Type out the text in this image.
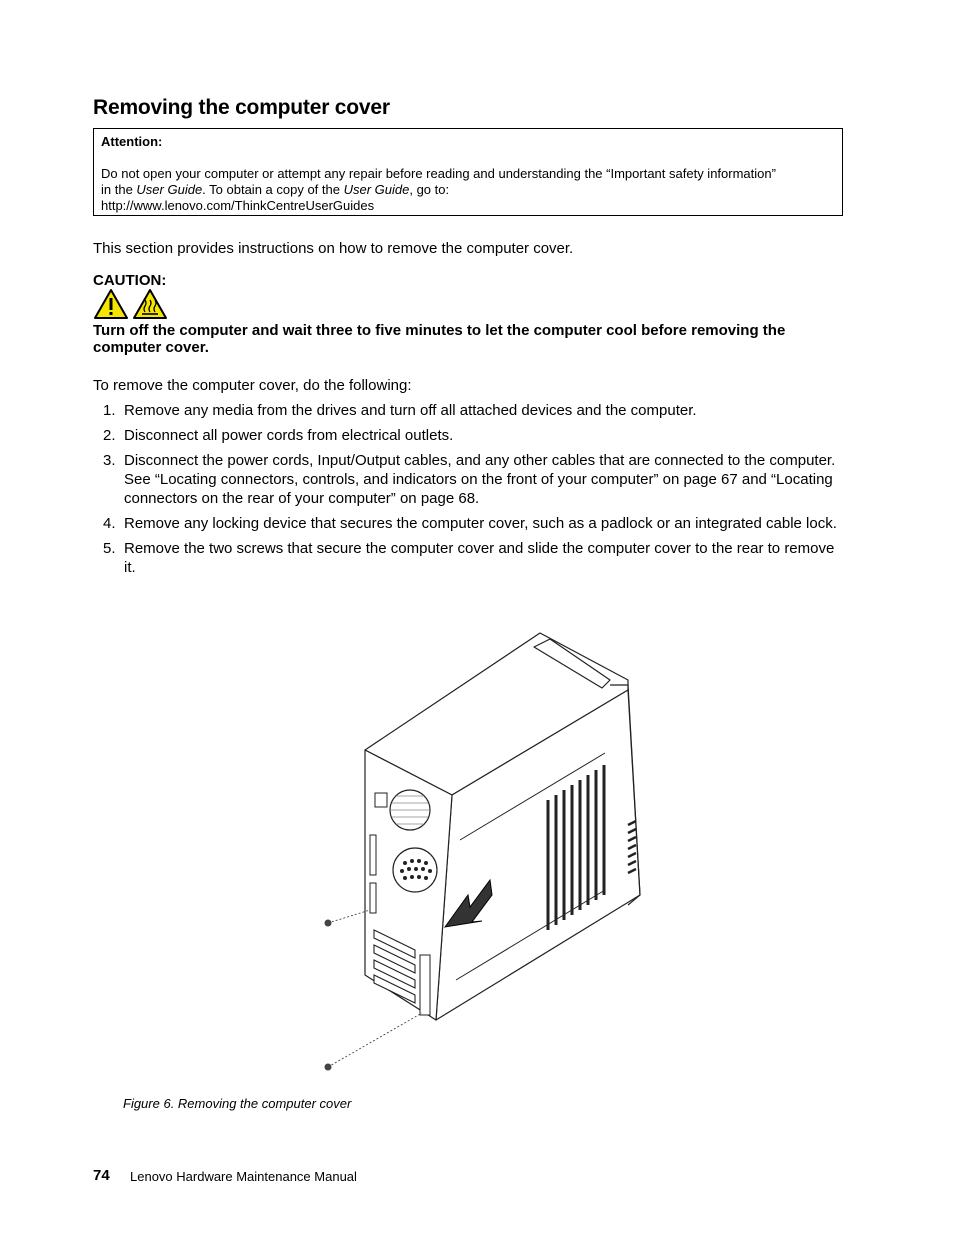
Removing the computer cover
Attention:
Do not open your computer or attempt any repair before reading and understanding the “Important safety information”
in the User Guide. To obtain a copy of the User Guide, go to:
http://www.lenovo.com/ThinkCentreUserGuides

This section provides instructions on how to remove the computer cover.

CAUTION:
Turn off the computer and wait three to five minutes to let the computer cool before removing the computer cover.

To remove the computer cover, do the following:

1. Remove any media from the drives and turn off all attached devices and the computer.
2. Disconnect all power cords from electrical outlets.
3. Disconnect the power cords, Input/Output cables, and any other cables that are connected to the computer. See “Locating connectors, controls, and indicators on the front of your computer” on page 67 and “Locating connectors on the rear of your computer” on page 68.
4. Remove any locking device that secures the computer cover, such as a padlock or an integrated cable lock.
5. Remove the two screws that secure the computer cover and slide the computer cover to the rear to remove it.
Figure 6. Removing the computer cover
74 Lenovo Hardware Maintenance Manual
